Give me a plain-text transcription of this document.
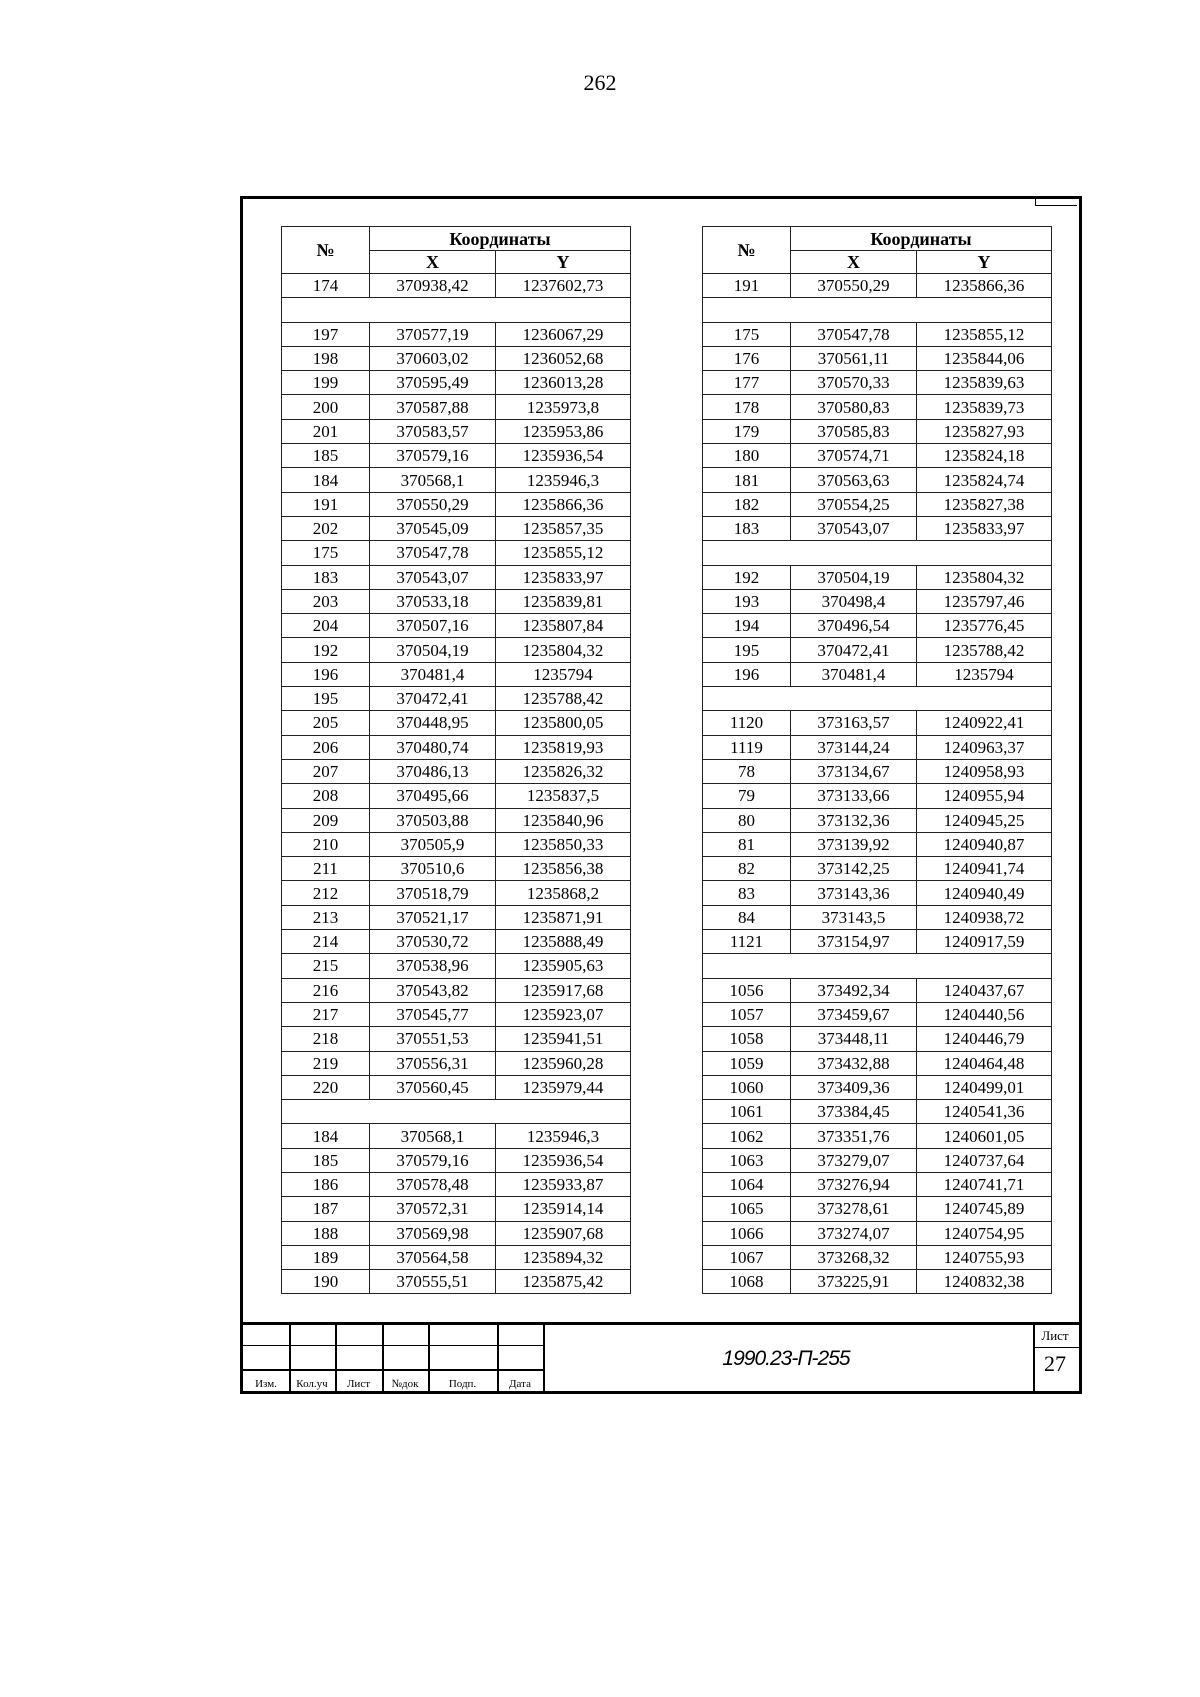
262
№	Координаты	
	X	Y
174	370938,42	1237602,73

197	370577,19	1236067,29
198	370603,02	1236052,68
199	370595,49	1236013,28
200	370587,88	1235973,8
201	370583,57	1235953,86
185	370579,16	1235936,54
184	370568,1	1235946,3
191	370550,29	1235866,36
202	370545,09	1235857,35
175	370547,78	1235855,12
183	370543,07	1235833,97
203	370533,18	1235839,81
204	370507,16	1235807,84
192	370504,19	1235804,32
196	370481,4	1235794
195	370472,41	1235788,42
205	370448,95	1235800,05
206	370480,74	1235819,93
207	370486,13	1235826,32
208	370495,66	1235837,5
209	370503,88	1235840,96
210	370505,9	1235850,33
211	370510,6	1235856,38
212	370518,79	1235868,2
213	370521,17	1235871,91
214	370530,72	1235888,49
215	370538,96	1235905,63
216	370543,82	1235917,68
217	370545,77	1235923,07
218	370551,53	1235941,51
219	370556,31	1235960,28
220	370560,45	1235979,44

184	370568,1	1235946,3
185	370579,16	1235936,54
186	370578,48	1235933,87
187	370572,31	1235914,14
188	370569,98	1235907,68
189	370564,58	1235894,32
190	370555,51	1235875,42
№	Координаты	
	X	Y
191	370550,29	1235866,36

175	370547,78	1235855,12
176	370561,11	1235844,06
177	370570,33	1235839,63
178	370580,83	1235839,73
179	370585,83	1235827,93
180	370574,71	1235824,18
181	370563,63	1235824,74
182	370554,25	1235827,38
183	370543,07	1235833,97

192	370504,19	1235804,32
193	370498,4	1235797,46
194	370496,54	1235776,45
195	370472,41	1235788,42
196	370481,4	1235794

1120	373163,57	1240922,41
1119	373144,24	1240963,37
78	373134,67	1240958,93
79	373133,66	1240955,94
80	373132,36	1240945,25
81	373139,92	1240940,87
82	373142,25	1240941,74
83	373143,36	1240940,49
84	373143,5	1240938,72
1121	373154,97	1240917,59

1056	373492,34	1240437,67
1057	373459,67	1240440,56
1058	373448,11	1240446,79
1059	373432,88	1240464,48
1060	373409,36	1240499,01
1061	373384,45	1240541,36
1062	373351,76	1240601,05
1063	373279,07	1240737,64
1064	373276,94	1240741,71
1065	373278,61	1240745,89
1066	373274,07	1240754,95
1067	373268,32	1240755,93
1068	373225,91	1240832,38
Изм.	Кол.уч	Лист	№док	Подп.	Дата
1990.23-П-255
Лист
27
